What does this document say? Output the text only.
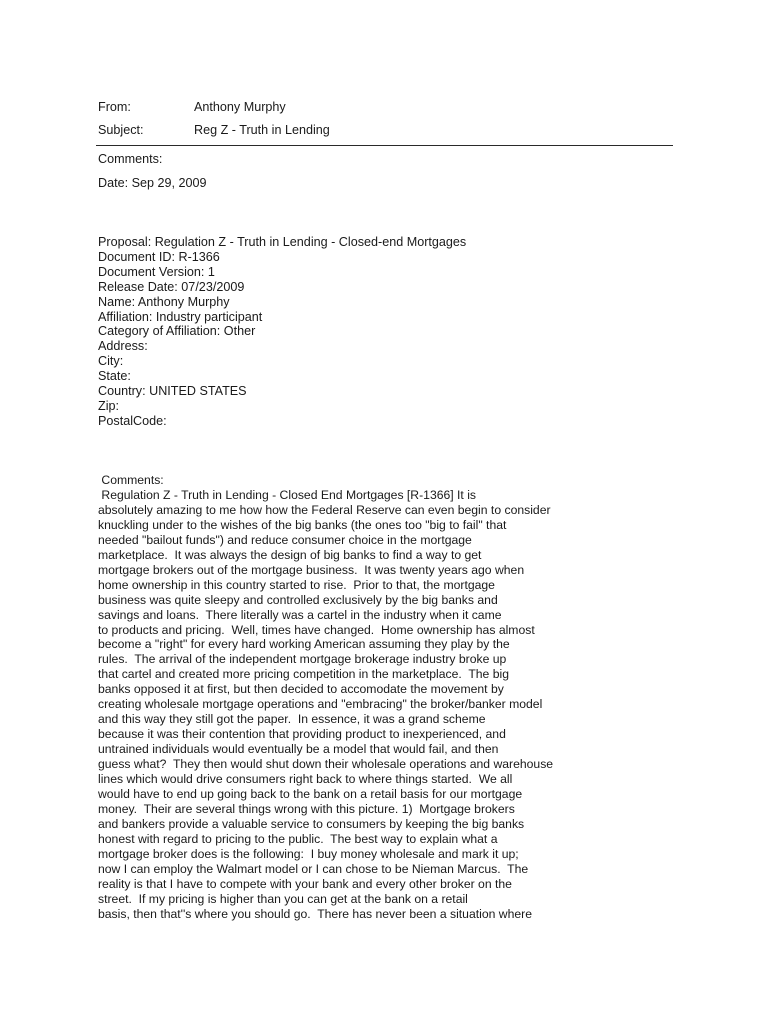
From:	Anthony Murphy
Subject:	Reg Z - Truth in Lending
Comments:
Date: Sep 29, 2009
Proposal: Regulation Z - Truth in Lending - Closed-end Mortgages
Document ID: R-1366
Document Version: 1
Release Date: 07/23/2009
Name: Anthony Murphy
Affiliation: Industry participant
Category of Affiliation: Other
Address:
City:
State:
Country: UNITED STATES
Zip:
PostalCode:
Comments:
Regulation Z - Truth in Lending - Closed End Mortgages [R-1366] It is
absolutely amazing to me how how the Federal Reserve can even begin to consider
knuckling under to the wishes of the big banks (the ones too "big to fail" that
needed "bailout funds") and reduce consumer choice in the mortgage
marketplace.  It was always the design of big banks to find a way to get
mortgage brokers out of the mortgage business.  It was twenty years ago when
home ownership in this country started to rise.  Prior to that, the mortgage
business was quite sleepy and controlled exclusively by the big banks and
savings and loans.  There literally was a cartel in the industry when it came
to products and pricing.  Well, times have changed.  Home ownership has almost
become a "right" for every hard working American assuming they play by the
rules.  The arrival of the independent mortgage brokerage industry broke up
that cartel and created more pricing competition in the marketplace.  The big
banks opposed it at first, but then decided to accomodate the movement by
creating wholesale mortgage operations and "embracing" the broker/banker model
and this way they still got the paper.  In essence, it was a grand scheme
because it was their contention that providing product to inexperienced, and
untrained individuals would eventually be a model that would fail, and then
guess what?  They then would shut down their wholesale operations and warehouse
lines which would drive consumers right back to where things started.  We all
would have to end up going back to the bank on a retail basis for our mortgage
money.  Their are several things wrong with this picture. 1)  Mortgage brokers
and bankers provide a valuable service to consumers by keeping the big banks
honest with regard to pricing to the public.  The best way to explain what a
mortgage broker does is the following:  I buy money wholesale and mark it up;
now I can employ the Walmart model or I can chose to be Nieman Marcus.  The
reality is that I have to compete with your bank and every other broker on the
street.  If my pricing is higher than you can get at the bank on a retail
basis, then that''s where you should go.  There has never been a situation where
